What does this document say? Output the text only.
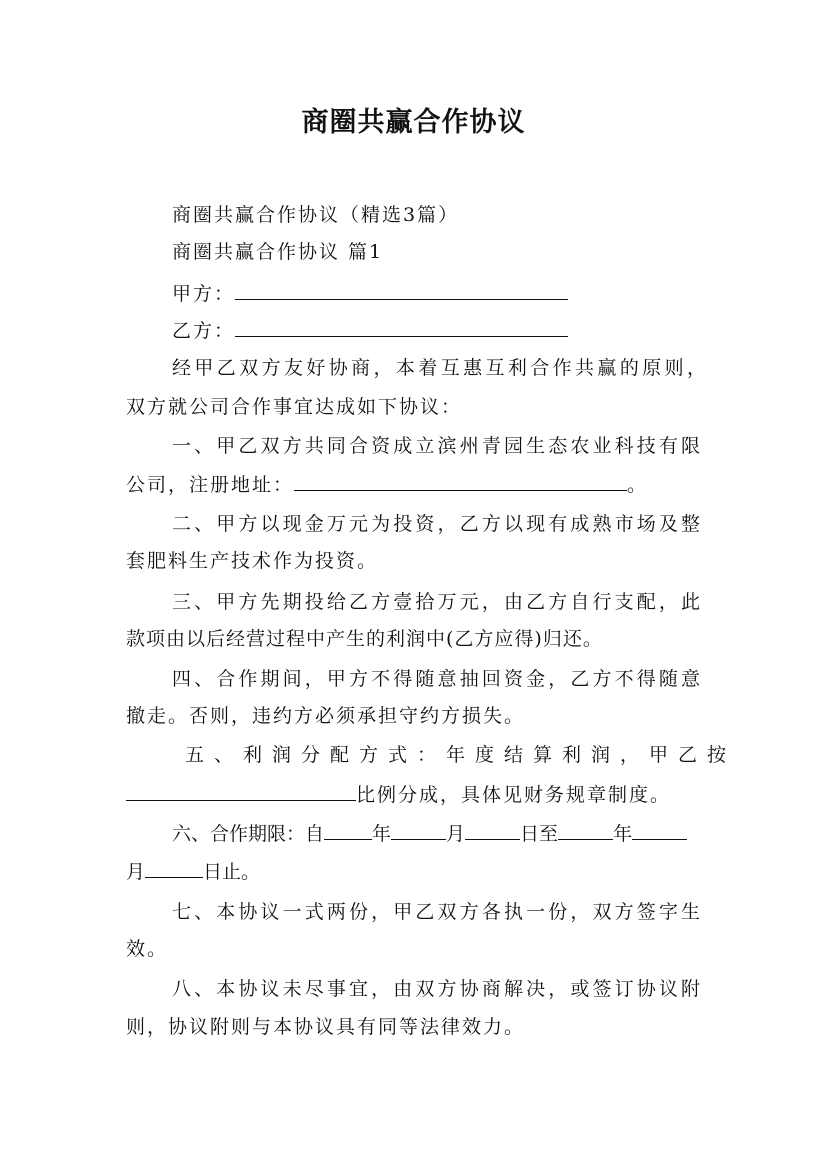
商圈共赢合作协议
商圈共赢合作协议（精选3篇）
商圈共赢合作协议 篇1
甲方：
乙方：
经甲乙双方友好协商，本着互惠互利合作共赢的原则，
双方就公司合作事宜达成如下协议：
一、甲乙双方共同合资成立滨州青园生态农业科技有限
公司，注册地址：	。
二、甲方以现金万元为投资，乙方以现有成熟市场及整
套肥料生产技术作为投资。
三、甲方先期投给乙方壹拾万元，由乙方自行支配，此
款项由以后经营过程中产生的利润中(乙方应得)归还。
四、合作期间，甲方不得随意抽回资金，乙方不得随意
撤走。否则，违约方必须承担守约方损失。
五、利润分配方式：年度结算利润，甲乙按
比例分成，具体见财务规章制度。
六、合作期限：自	年	月	日至	年
月	日止。
七、本协议一式两份，甲乙双方各执一份，双方签字生
效。
八、本协议未尽事宜，由双方协商解决，或签订协议附
则，协议附则与本协议具有同等法律效力。
